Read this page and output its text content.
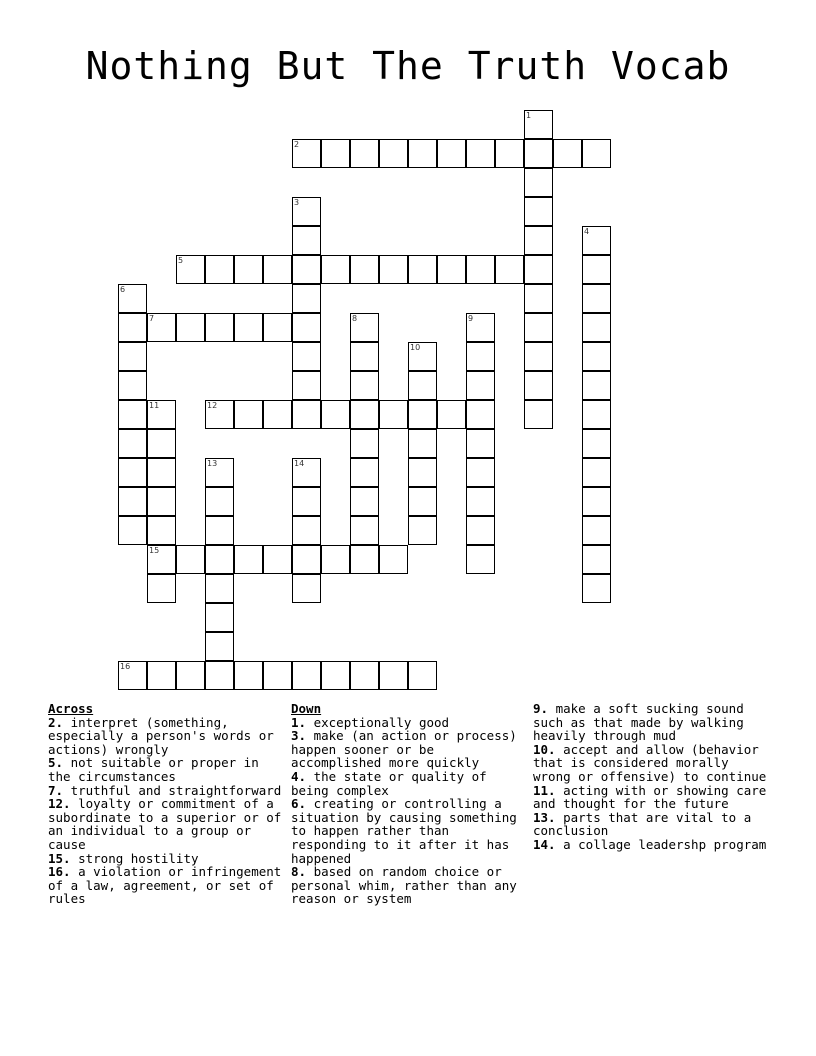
Nothing But The Truth Vocab
1
2
3
4
5
6
7	8	9
10
11
15
12
13	14
16
Across
2. interpret (something, especially a person's words or actions) wrongly
5. not suitable or proper in the circumstances
7. truthful and straightforward
12. loyalty or commitment of a subordinate to a superior or of an individual to a group or cause
15. strong hostility
16. a violation or infringement of a law, agreement, or set of rules
Down
1. exceptionally good
3. make (an action or process) happen sooner or be accomplished more quickly
4. the state or quality of being complex
6. creating or controlling a situation by causing something to happen rather than responding to it after it has happened
8. based on random choice or personal whim, rather than any reason or system
9. make a soft sucking sound such as that made by walking heavily through mud
10. accept and allow (behavior that is considered morally wrong or offensive) to continue
11. acting with or showing care and thought for the future
13. parts that are vital to a conclusion
14. a collage leadershp program
